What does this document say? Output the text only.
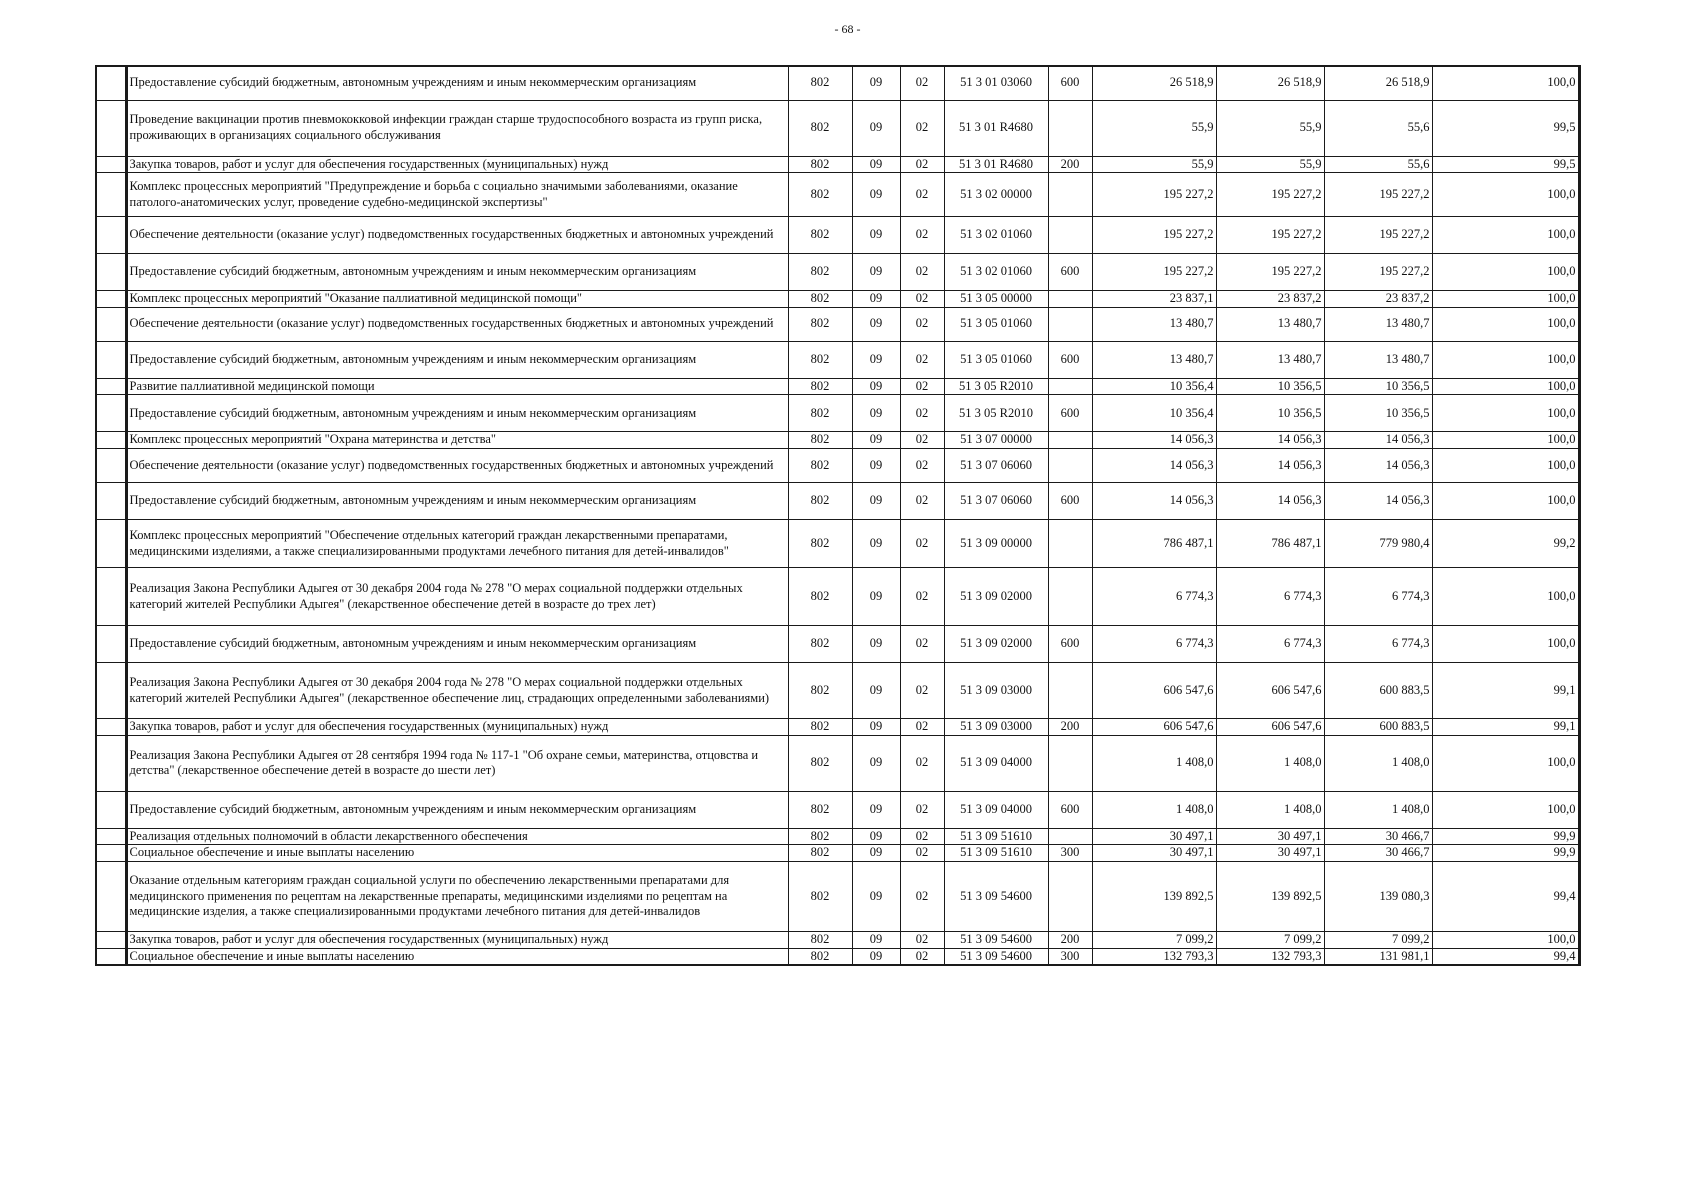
- 68 -
	Предоставление субсидий бюджетным, автономным учреждениям и иным некоммерческим организациям	802	09	02	51 3 01 03060	600	26 518,9	26 518,9	26 518,9	100,0
	Проведение вакцинации против пневмококковой инфекции граждан старше трудоспособного возраста из групп риска, проживающих в организациях социального обслуживания	802	09	02	51 3 01 R4680		55,9	55,9	55,6	99,5
	Закупка товаров, работ и услуг для обеспечения государственных (муниципальных) нужд	802	09	02	51 3 01 R4680	200	55,9	55,9	55,6	99,5
	Комплекс процессных мероприятий "Предупреждение и борьба с социально значимыми заболеваниями, оказание патолого-анатомических услуг, проведение судебно-медицинской экспертизы"	802	09	02	51 3 02 00000		195 227,2	195 227,2	195 227,2	100,0
	Обеспечение деятельности (оказание услуг) подведомственных государственных бюджетных и автономных учреждений	802	09	02	51 3 02 01060		195 227,2	195 227,2	195 227,2	100,0
	Предоставление субсидий бюджетным, автономным учреждениям и иным некоммерческим организациям	802	09	02	51 3 02 01060	600	195 227,2	195 227,2	195 227,2	100,0
	Комплекс процессных мероприятий "Оказание паллиативной медицинской помощи"	802	09	02	51 3 05 00000		23 837,1	23 837,2	23 837,2	100,0
	Обеспечение деятельности (оказание услуг) подведомственных государственных бюджетных и автономных учреждений	802	09	02	51 3 05 01060		13 480,7	13 480,7	13 480,7	100,0
	Предоставление субсидий бюджетным, автономным учреждениям и иным некоммерческим организациям	802	09	02	51 3 05 01060	600	13 480,7	13 480,7	13 480,7	100,0
	Развитие паллиативной медицинской помощи	802	09	02	51 3 05 R2010		10 356,4	10 356,5	10 356,5	100,0
	Предоставление субсидий бюджетным, автономным учреждениям и иным некоммерческим организациям	802	09	02	51 3 05 R2010	600	10 356,4	10 356,5	10 356,5	100,0
	Комплекс процессных мероприятий "Охрана материнства и детства"	802	09	02	51 3 07 00000		14 056,3	14 056,3	14 056,3	100,0
	Обеспечение деятельности (оказание услуг) подведомственных государственных бюджетных и автономных учреждений	802	09	02	51 3 07 06060		14 056,3	14 056,3	14 056,3	100,0
	Предоставление субсидий бюджетным, автономным учреждениям и иным некоммерческим организациям	802	09	02	51 3 07 06060	600	14 056,3	14 056,3	14 056,3	100,0
	Комплекс процессных мероприятий "Обеспечение отдельных категорий граждан лекарственными препаратами, медицинскими изделиями, а также специализированными продуктами лечебного питания для детей-инвалидов"	802	09	02	51 3 09 00000		786 487,1	786 487,1	779 980,4	99,2
	Реализация Закона Республики Адыгея от 30 декабря 2004 года № 278 "О мерах социальной поддержки отдельных категорий жителей Республики Адыгея" (лекарственное обеспечение детей в возрасте до трех лет)	802	09	02	51 3 09 02000		6 774,3	6 774,3	6 774,3	100,0
	Предоставление субсидий бюджетным, автономным учреждениям и иным некоммерческим организациям	802	09	02	51 3 09 02000	600	6 774,3	6 774,3	6 774,3	100,0
	Реализация Закона Республики Адыгея от 30 декабря 2004 года № 278 "О мерах социальной поддержки отдельных категорий жителей Республики Адыгея" (лекарственное обеспечение лиц, страдающих определенными заболеваниями)	802	09	02	51 3 09 03000		606 547,6	606 547,6	600 883,5	99,1
	Закупка товаров, работ и услуг для обеспечения государственных (муниципальных) нужд	802	09	02	51 3 09 03000	200	606 547,6	606 547,6	600 883,5	99,1
	Реализация Закона Республики Адыгея от 28 сентября 1994 года № 117-1 "Об охране семьи, материнства, отцовства и детства" (лекарственное обеспечение детей в возрасте до шести лет)	802	09	02	51 3 09 04000		1 408,0	1 408,0	1 408,0	100,0
	Предоставление субсидий бюджетным, автономным учреждениям и иным некоммерческим организациям	802	09	02	51 3 09 04000	600	1 408,0	1 408,0	1 408,0	100,0
	Реализация отдельных полномочий в области лекарственного обеспечения	802	09	02	51 3 09 51610		30 497,1	30 497,1	30 466,7	99,9
	Социальное обеспечение и иные выплаты населению	802	09	02	51 3 09 51610	300	30 497,1	30 497,1	30 466,7	99,9
	Оказание отдельным категориям граждан социальной услуги по обеспечению лекарственными препаратами для медицинского применения по рецептам на лекарственные препараты, медицинскими изделиями по рецептам на медицинские изделия, а также специализированными продуктами лечебного питания для детей-инвалидов	802	09	02	51 3 09 54600		139 892,5	139 892,5	139 080,3	99,4
	Закупка товаров, работ и услуг для обеспечения государственных (муниципальных) нужд	802	09	02	51 3 09 54600	200	7 099,2	7 099,2	7 099,2	100,0
	Социальное обеспечение и иные выплаты населению	802	09	02	51 3 09 54600	300	132 793,3	132 793,3	131 981,1	99,4
